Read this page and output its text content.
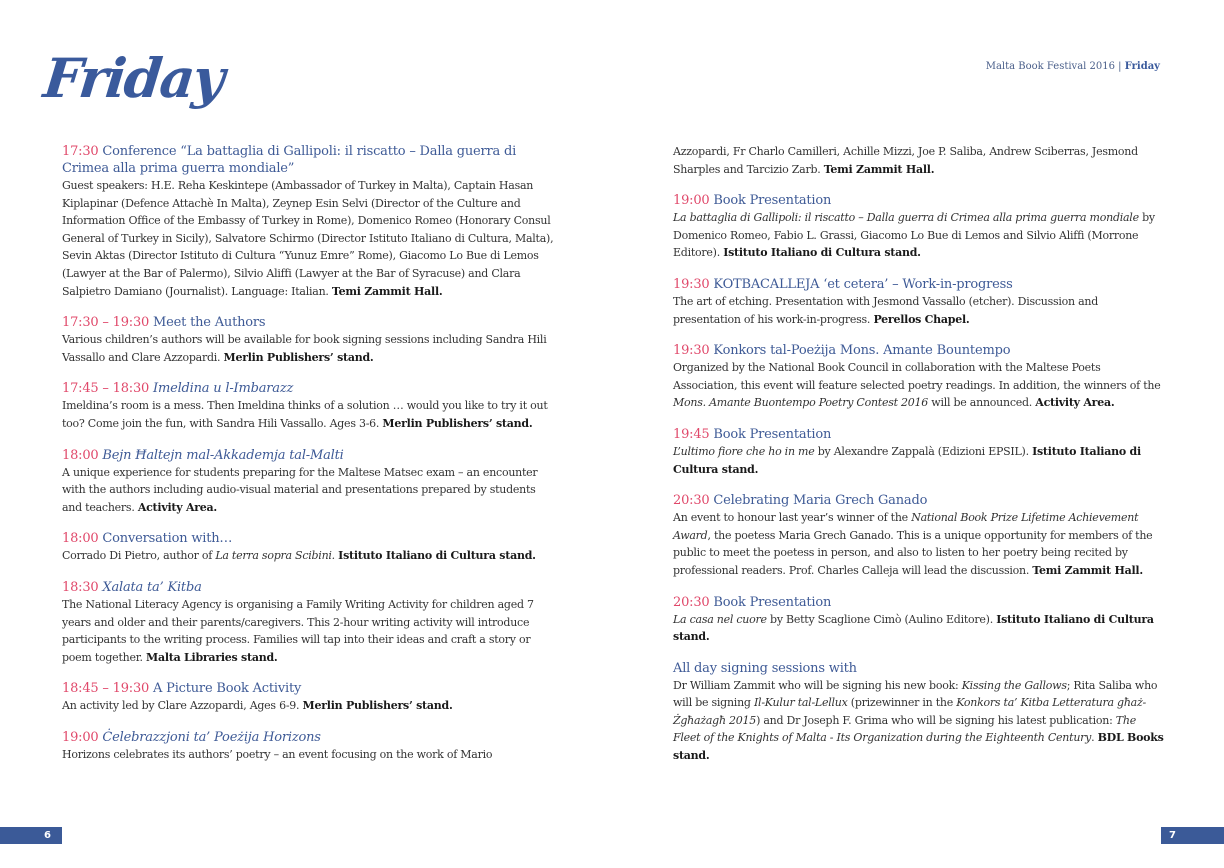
Friday	Malta Book Festival 2016 | Friday
17:30 Conference “La battaglia di Gallipoli: il riscatto – Dalla guerra di Crimea alla prima guerra mondiale”
Guest speakers: H.E. Reha Keskintepe (Ambassador of Turkey in Malta), Captain Hasan Kiplapinar (Defence Attachè In Malta), Zeynep Esin Selvi (Director of the Culture and Information Office of the Embassy of Turkey in Rome), Domenico Romeo (Honorary Consul General of Turkey in Sicily), Salvatore Schirmo (Director Istituto Italiano di Cultura, Malta), Sevin Aktas (Director Istituto di Cultura “Yunuz Emre” Rome), Giacomo Lo Bue di Lemos (Lawyer at the Bar of Palermo), Silvio Aliffi (Lawyer at the Bar of Syracuse) and Clara Salpietro Damiano (Journalist). Language: Italian. Temi Zammit Hall.
17:30 – 19:30 Meet the Authors
Various children’s authors will be available for book signing sessions including Sandra Hili Vassallo and Clare Azzopardi. Merlin Publishers’ stand.
17:45 – 18:30 Imeldina u l-Imbarazz
Imeldina’s room is a mess. Then Imeldina thinks of a solution … would you like to try it out too? Come join the fun, with Sandra Hili Vassallo. Ages 3-6. Merlin Publishers’ stand.
18:00 Bejn Ħaltejn mal-Akkademja tal-Malti
A unique experience for students preparing for the Maltese Matsec exam – an encounter with the authors including audio-visual material and presentations prepared by students and teachers. Activity Area.
18:00 Conversation with…
Corrado Di Pietro, author of La terra sopra Scibini. Istituto Italiano di Cultura stand.
18:30 Xalata ta’ Kitba
The National Literacy Agency is organising a Family Writing Activity for children aged 7 years and older and their parents/caregivers. This 2-hour writing activity will introduce participants to the writing process. Families will tap into their ideas and craft a story or poem together. Malta Libraries stand.
18:45 – 19:30 A Picture Book Activity
An activity led by Clare Azzopardi, Ages 6-9. Merlin Publishers’ stand.
19:00 Ċelebrazzjoni ta’ Poeżija Horizons
Horizons celebrates its authors’ poetry – an event focusing on the work of Mario
Azzopardi, Fr Charlo Camilleri, Achille Mizzi, Joe P. Saliba, Andrew Sciberras, Jesmond Sharples and Tarcizio Zarb. Temi Zammit Hall.
19:00 Book Presentation
La battaglia di Gallipoli: il riscatto – Dalla guerra di Crimea alla prima guerra mondiale by Domenico Romeo, Fabio L. Grassi, Giacomo Lo Bue di Lemos and Silvio Aliffi (Morrone Editore). Istituto Italiano di Cultura stand.
19:30 KOTBACALLEJA ‘et cetera’ – Work-in-progress
The art of etching. Presentation with Jesmond Vassallo (etcher). Discussion and presentation of his work-in-progress. Perellos Chapel.
19:30 Konkors tal-Poeżija Mons. Amante Bountempo
Organized by the National Book Council in collaboration with the Maltese Poets Association, this event will feature selected poetry readings. In addition, the winners of the Mons. Amante Buontempo Poetry Contest 2016 will be announced. Activity Area.
19:45 Book Presentation
L’ultimo fiore che ho in me by Alexandre Zappalà (Edizioni EPSIL). Istituto Italiano di Cultura stand.
20:30 Celebrating Maria Grech Ganado
An event to honour last year’s winner of the National Book Prize Lifetime Achievement Award, the poetess Maria Grech Ganado. This is a unique opportunity for members of the public to meet the poetess in person, and also to listen to her poetry being recited by professional readers. Prof. Charles Calleja will lead the discussion. Temi Zammit Hall.
20:30 Book Presentation
La casa nel cuore by Betty Scaglione Cimò (Aulino Editore). Istituto Italiano di Cultura stand.
All day signing sessions with
Dr William Zammit who will be signing his new book: Kissing the Gallows; Rita Saliba who will be signing Il-Kulur tal-Lellux (prizewinner in the Konkors ta’ Kitba Letteratura għaż-Żgħażagħ 2015) and Dr Joseph F. Grima who will be signing his latest publication: The Fleet of the Knights of Malta - Its Organization during the Eighteenth Century. BDL Books stand.
6	7
